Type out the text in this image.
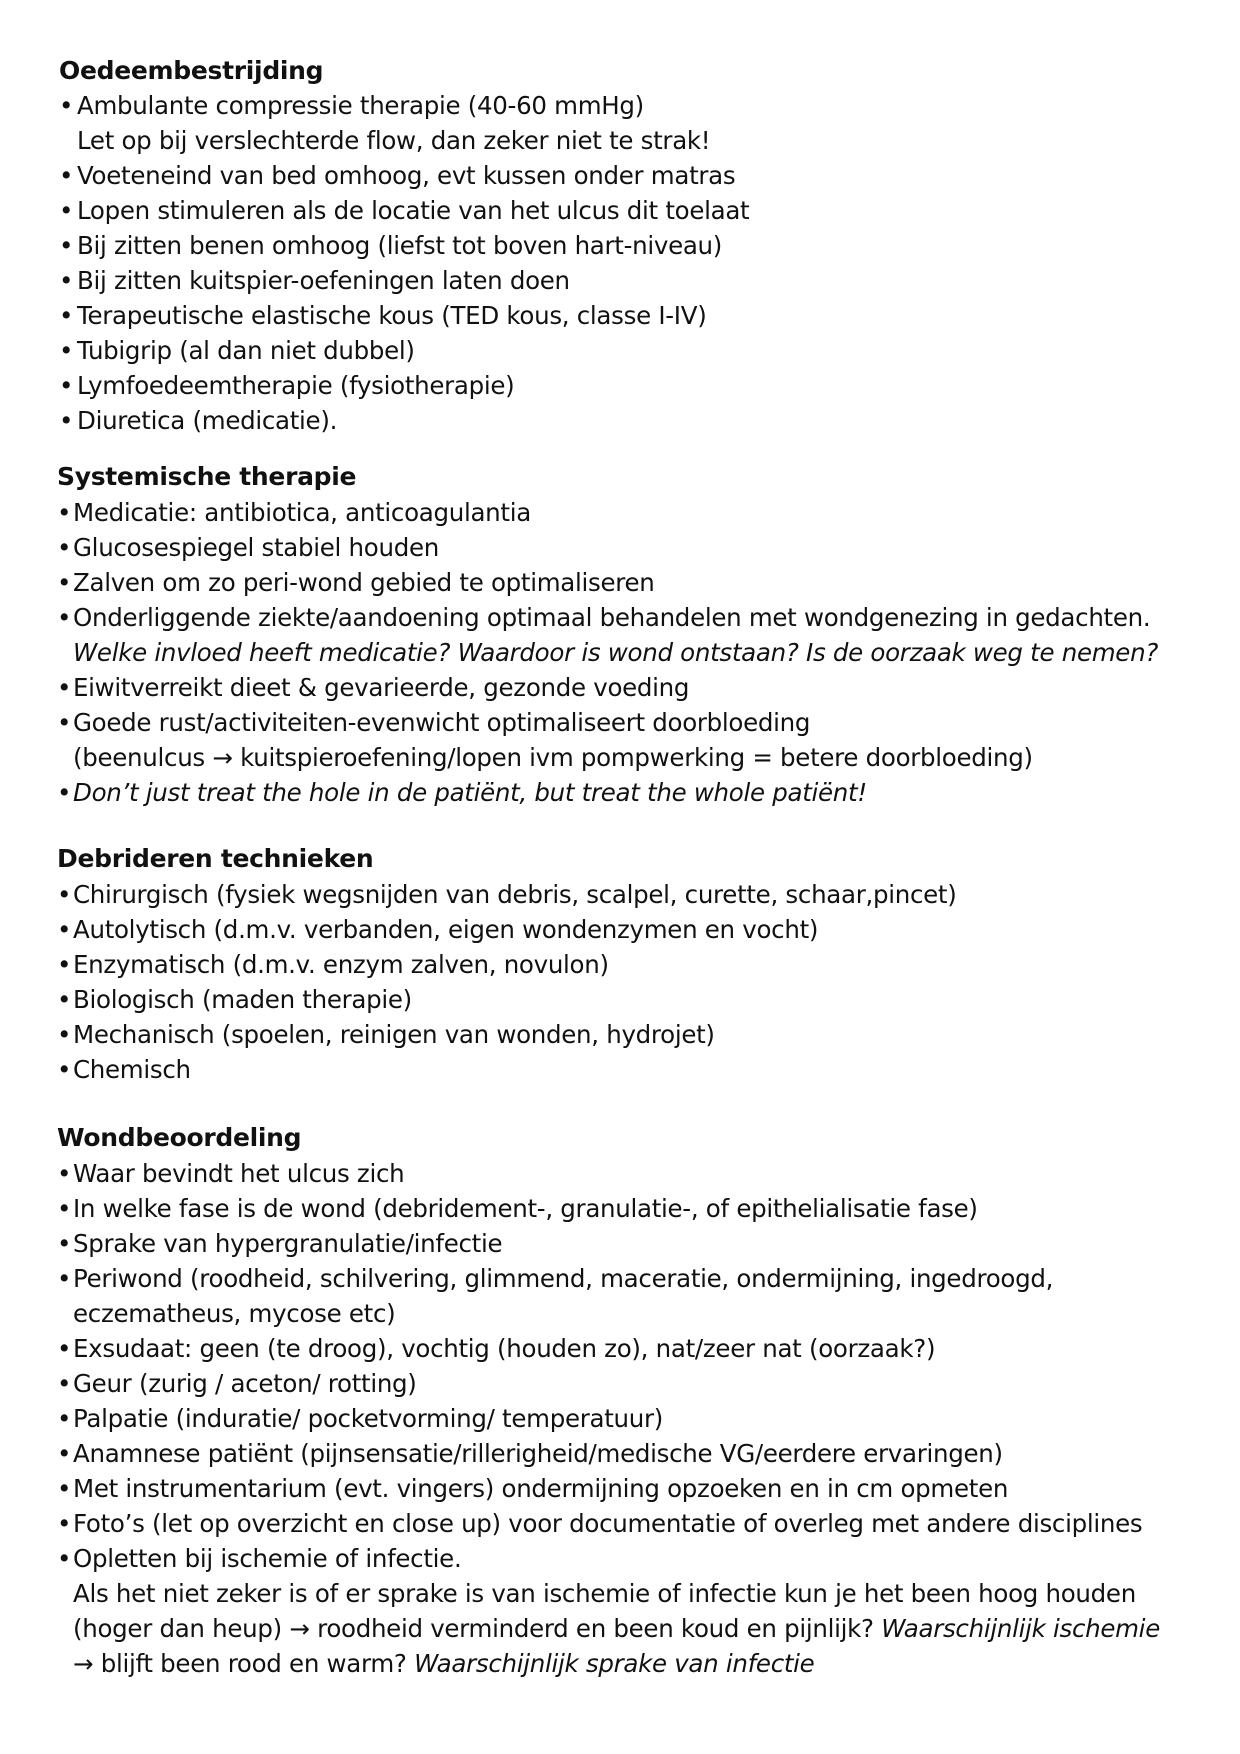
Oedeembestrijding
• Ambulante compressie therapie (40-60 mmHg)
Let op bij verslechterde flow, dan zeker niet te strak!
• Voeteneind van bed omhoog, evt kussen onder matras
• Lopen stimuleren als de locatie van het ulcus dit toelaat
• Bij zitten benen omhoog (liefst tot boven hart-niveau)
• Bij zitten kuitspier-oefeningen laten doen
• Terapeutische elastische kous (TED kous, classe I-IV)
• Tubigrip (al dan niet dubbel)
• Lymfoedeemtherapie (fysiotherapie)
• Diuretica (medicatie).
Systemische therapie
• Medicatie: antibiotica, anticoagulantia
• Glucosespiegel stabiel houden
• Zalven om zo peri-wond gebied te optimaliseren
• Onderliggende ziekte/aandoening optimaal behandelen met wondgenezing in gedachten.
Welke invloed heeft medicatie? Waardoor is wond ontstaan? Is de oorzaak weg te nemen?
• Eiwitverreikt dieet & gevarieerde, gezonde voeding
• Goede rust/activiteiten-evenwicht optimaliseert doorbloeding
(beenulcus → kuitspieroefening/lopen ivm pompwerking = betere doorbloeding)
• Don’t just treat the hole in de patiënt, but treat the whole patiënt!
Debrideren technieken
• Chirurgisch (fysiek wegsnijden van debris, scalpel, curette, schaar,pincet)
• Autolytisch (d.m.v. verbanden, eigen wondenzymen en vocht)
• Enzymatisch (d.m.v. enzym zalven, novulon)
• Biologisch (maden therapie)
• Mechanisch (spoelen, reinigen van wonden, hydrojet)
• Chemisch
Wondbeoordeling
• Waar bevindt het ulcus zich
• In welke fase is de wond (debridement-, granulatie-, of epithelialisatie fase)
• Sprake van hypergranulatie/infectie
• Periwond (roodheid, schilvering, glimmend, maceratie, ondermijning, ingedroogd,
eczematheus, mycose etc)
• Exsudaat: geen (te droog), vochtig (houden zo), nat/zeer nat (oorzaak?)
• Geur (zurig / aceton/ rotting)
• Palpatie (induratie/ pocketvorming/ temperatuur)
• Anamnese patiënt (pijnsensatie/rillerigheid/medische VG/eerdere ervaringen)
• Met instrumentarium (evt. vingers) ondermijning opzoeken en in cm opmeten
• Foto’s (let op overzicht en close up) voor documentatie of overleg met andere disciplines
• Opletten bij ischemie of infectie.
Als het niet zeker is of er sprake is van ischemie of infectie kun je het been hoog houden
(hoger dan heup) → roodheid verminderd en been koud en pijnlijk? Waarschijnlijk ischemie
→ blijft been rood en warm? Waarschijnlijk sprake van infectie
